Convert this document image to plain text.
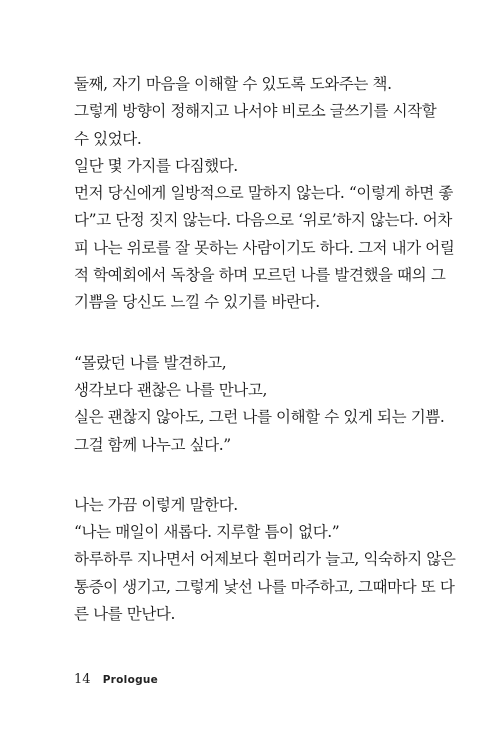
둘째, 자기 마음을 이해할 수 있도록 도와주는 책.
그렇게 방향이 정해지고 나서야 비로소 글쓰기를 시작할
수 있었다.
일단 몇 가지를 다짐했다.
먼저 당신에게 일방적으로 말하지 않는다. “이렇게 하면 좋
다”고 단정 짓지 않는다. 다음으로 ‘위로’하지 않는다. 어차
피 나는 위로를 잘 못하는 사람이기도 하다. 그저 내가 어릴
적 학예회에서 독창을 하며 모르던 나를 발견했을 때의 그
기쁨을 당신도 느낄 수 있기를 바란다.
“몰랐던 나를 발견하고,
생각보다 괜찮은 나를 만나고,
실은 괜찮지 않아도, 그런 나를 이해할 수 있게 되는 기쁨.
그걸 함께 나누고 싶다.”
나는 가끔 이렇게 말한다.
“나는 매일이 새롭다. 지루할 틈이 없다.”
하루하루 지나면서 어제보다 흰머리가 늘고, 익숙하지 않은
통증이 생기고, 그렇게 낯선 나를 마주하고, 그때마다 또 다
른 나를 만난다.
14 Prologue
